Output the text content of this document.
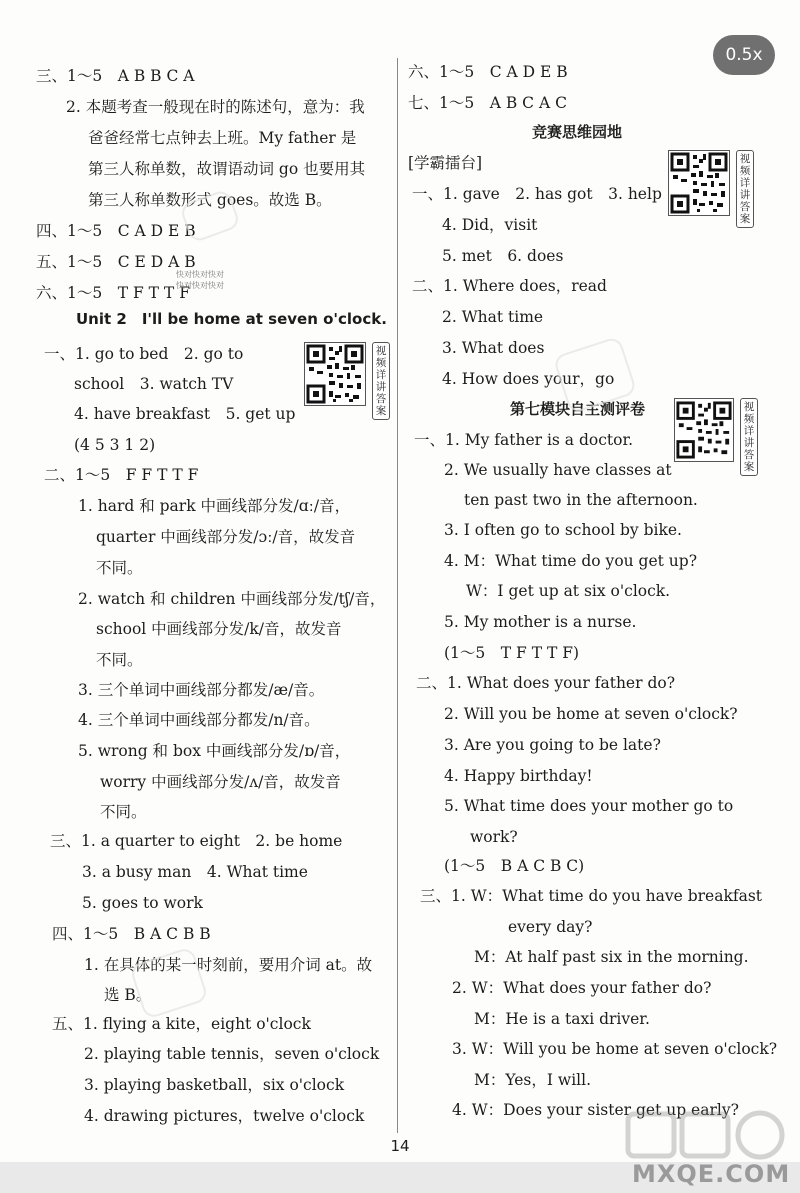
三、1～5　A B B C A
2. 本题考查一般现在时的陈述句，意为：我
爸爸经常七点钟去上班。My father 是
第三人称单数，故谓语动词 go 也要用其
第三人称单数形式 goes。故选 B。
四、1～5　C A D E B
五、1～5　C E D A B
六、1～5　T F T T F
Unit 2　I'll be home at seven o'clock.
一、1. go to bed　2. go to
school　3. watch TV
4. have breakfast　5. get up
(4 5 3 1 2)
二、1～5　F F T T F
1. hard 和 park 中画线部分发/ɑː/音，
quarter 中画线部分发/ɔː/音，故发音
不同。
2. watch 和 children 中画线部分发/tʃ/音，
school 中画线部分发/k/音，故发音
不同。
3. 三个单词中画线部分都发/æ/音。
4. 三个单词中画线部分都发/n/音。
5. wrong 和 box 中画线部分发/ɒ/音，
worry 中画线部分发/ʌ/音，故发音
不同。
三、1. a quarter to eight　2. be home
3. a busy man　4. What time
5. goes to work
四、1～5　B A C B B
1. 在具体的某一时刻前，要用介词 at。故
选 B。
五、1. flying a kite，eight o'clock
2. playing table tennis，seven o'clock
3. playing basketball，six o'clock
4. drawing pictures，twelve o'clock
六、1～5　C A D E B
七、1～5　A B C A C
竞赛思维园地
[学霸擂台]
一、1. gave　2. has got　3. help
4. Did，visit
5. met　6. does
二、1. Where does，read
2. What time
3. What does
4. How does your，go
第七模块自主测评卷
一、1. My father is a doctor.
2. We usually have classes at
ten past two in the afternoon.
3. I often go to school by bike.
4. M：What time do you get up?
W：I get up at six o'clock.
5. My mother is a nurse.
(1～5　T F T T F)
二、1. What does your father do?
2. Will you be home at seven o'clock?
3. Are you going to be late?
4. Happy birthday!
5. What time does your mother go to
work?
(1～5　B A C B C)
三、1. W：What time do you have breakfast
every day?
M：At half past six in the morning.
2. W：What does your father do?
M：He is a taxi driver.
3. W：Will you be home at seven o'clock?
M：Yes，I will.
4. W：Does your sister get up early?
视频详讲答案
视频详讲答案
视频详讲答案
快对快对快对
快对快对快对
14
MXQE.COM
0.5x
